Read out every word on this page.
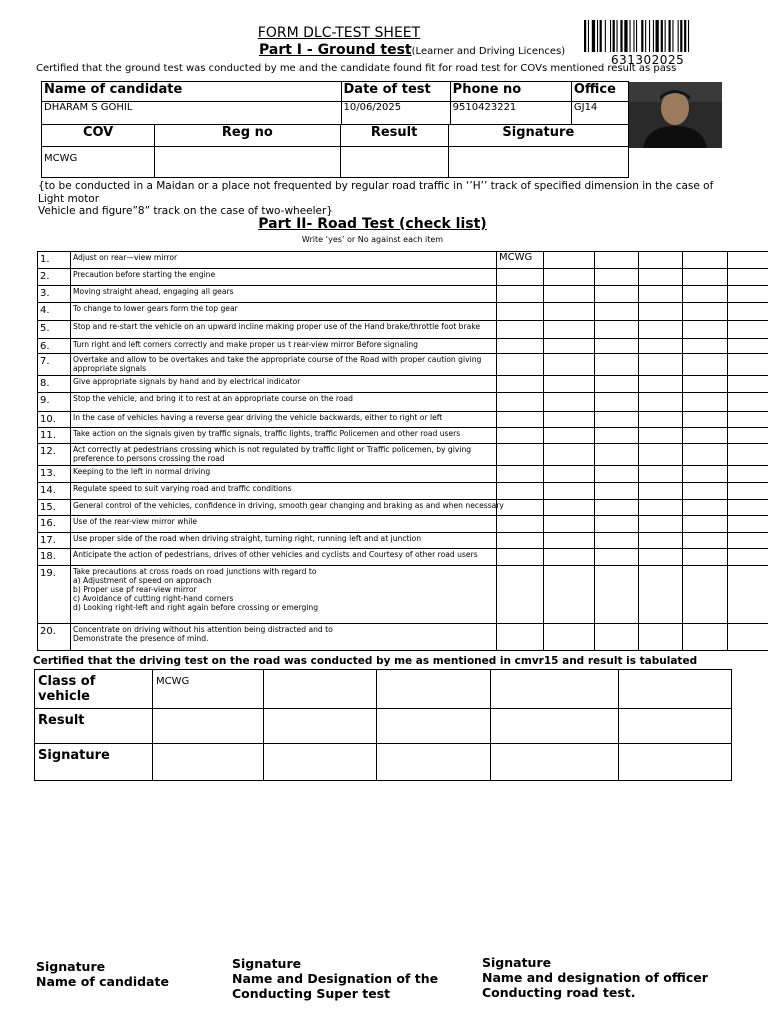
FORM DLC-TEST SHEET
Part I - Ground test(Learner and Driving Licences)
631302025
Certified that the ground test was conducted by me and the candidate found fit for road test for COVs mentioned result as pass
Name of candidate	Date of test	Phone no	Office
DHARAM S GOHIL	10/06/2025	9510423221	GJ14
COV	Reg no	Result	Signature
MCWG			
{to be conducted in a Maidan or a place not frequented by regular road traffic in ‘’H’’ track of specified dimension in the case of Light motor
Vehicle and figure”8” track on the case of two-wheeler}
Part II- Road Test (check list)
Write ‘yes’ or No against each item
1.	Adjust on rear—view mirror	MCWG					
2.	Precaution before starting the engine						

3.	Moving straight ahead, engaging all gears						

4.	To change to lower gears form the top gear						

5.	Stop and re-start the vehicle on an upward incline making proper use of the Hand brake/throttle foot brake						

6.	Turn right and left corners correctly and make proper us t rear-view mirror Before signaling						

7.	Overtake and allow to be overtakes and take the appropriate course of the Road with proper caution giving
appropriate signals						

8.	Give appropriate signals by hand and by electrical indicator						

9.	Stop the vehicle, and bring it to rest at an appropriate course on the road						

10.	In the case of vehicles having a reverse gear driving the vehicle backwards, either to right or left						

11.	Take action on the signals given by traffic signals, traffic lights, traffic Policemen and other road users						

12.	Act correctly at pedestrians crossing which is not regulated by traffic light or Traffic policemen, by giving
preference to persons crossing the road						

13.	Keeping to the left in normal driving						

14.	Regulate speed to suit varying road and traffic conditions						

15.	General control of the vehicles, confidence in driving, smooth gear changing and braking as and when necessary						

16.	Use of the rear-view mirror while						

17.	Use proper side of the road when driving straight, turning right, running left and at junction						

18.	Anticipate the action of pedestrians, drives of other vehicles and cyclists and Courtesy of other road users						

19.	Take precautions at cross roads on road junctions with regard to
a) Adjustment of speed on approach
b) Proper use pf rear-view mirror
c) Avoidance of cutting right-hand corners
d) Looking right-left and right again before crossing or emerging						

20.	Concentrate on driving without his attention being distracted and to
Demonstrate the presence of mind.						

Certified that the driving test on the road was conducted by me as mentioned in cmvr15 and result is tabulated
Class of vehicle	MCWG				
Result					
Signature					
Signature
Name of candidate
Signature
Name and Designation of the
Conducting Super test
Signature
Name and designation of officer
Conducting road test.
